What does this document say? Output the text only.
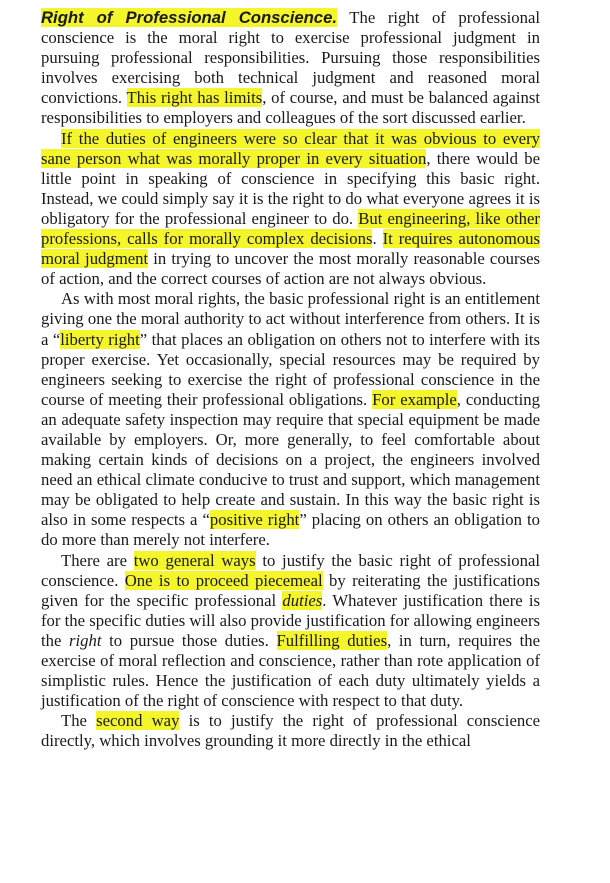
Right of Professional Conscience. The right of professional conscience is the moral right to exercise professional judgment in pursuing professional responsibilities. Pursuing those responsibilities involves exercising both technical judgment and reasoned moral convictions. This right has limits, of course, and must be balanced against responsibilities to employers and colleagues of the sort discussed earlier.

If the duties of engineers were so clear that it was obvious to every sane person what was morally proper in every situation, there would be little point in speaking of conscience in specifying this basic right. Instead, we could simply say it is the right to do what everyone agrees it is obligatory for the professional engineer to do. But engineering, like other professions, calls for morally complex decisions. It requires autonomous moral judgment in trying to uncover the most morally reasonable courses of action, and the correct courses of action are not always obvious.

As with most moral rights, the basic professional right is an entitlement giving one the moral authority to act without interference from others. It is a “liberty right” that places an obligation on others not to interfere with its proper exercise. Yet occasionally, special resources may be required by engineers seeking to exercise the right of professional conscience in the course of meeting their professional obligations. For example, conducting an adequate safety inspection may require that special equipment be made available by employers. Or, more generally, to feel comfortable about making certain kinds of decisions on a project, the engineers involved need an ethical climate conducive to trust and support, which management may be obligated to help create and sustain. In this way the basic right is also in some respects a “positive right” placing on others an obligation to do more than merely not interfere.

There are two general ways to justify the basic right of professional conscience. One is to proceed piecemeal by reiterating the justifications given for the specific professional duties. Whatever justification there is for the specific duties will also provide justification for allowing engineers the right to pursue those duties. Fulfilling duties, in turn, requires the exercise of moral reflection and conscience, rather than rote application of simplistic rules. Hence the justification of each duty ultimately yields a justification of the right of conscience with respect to that duty.

The second way is to justify the right of professional conscience directly, which involves grounding it more directly in the ethical
